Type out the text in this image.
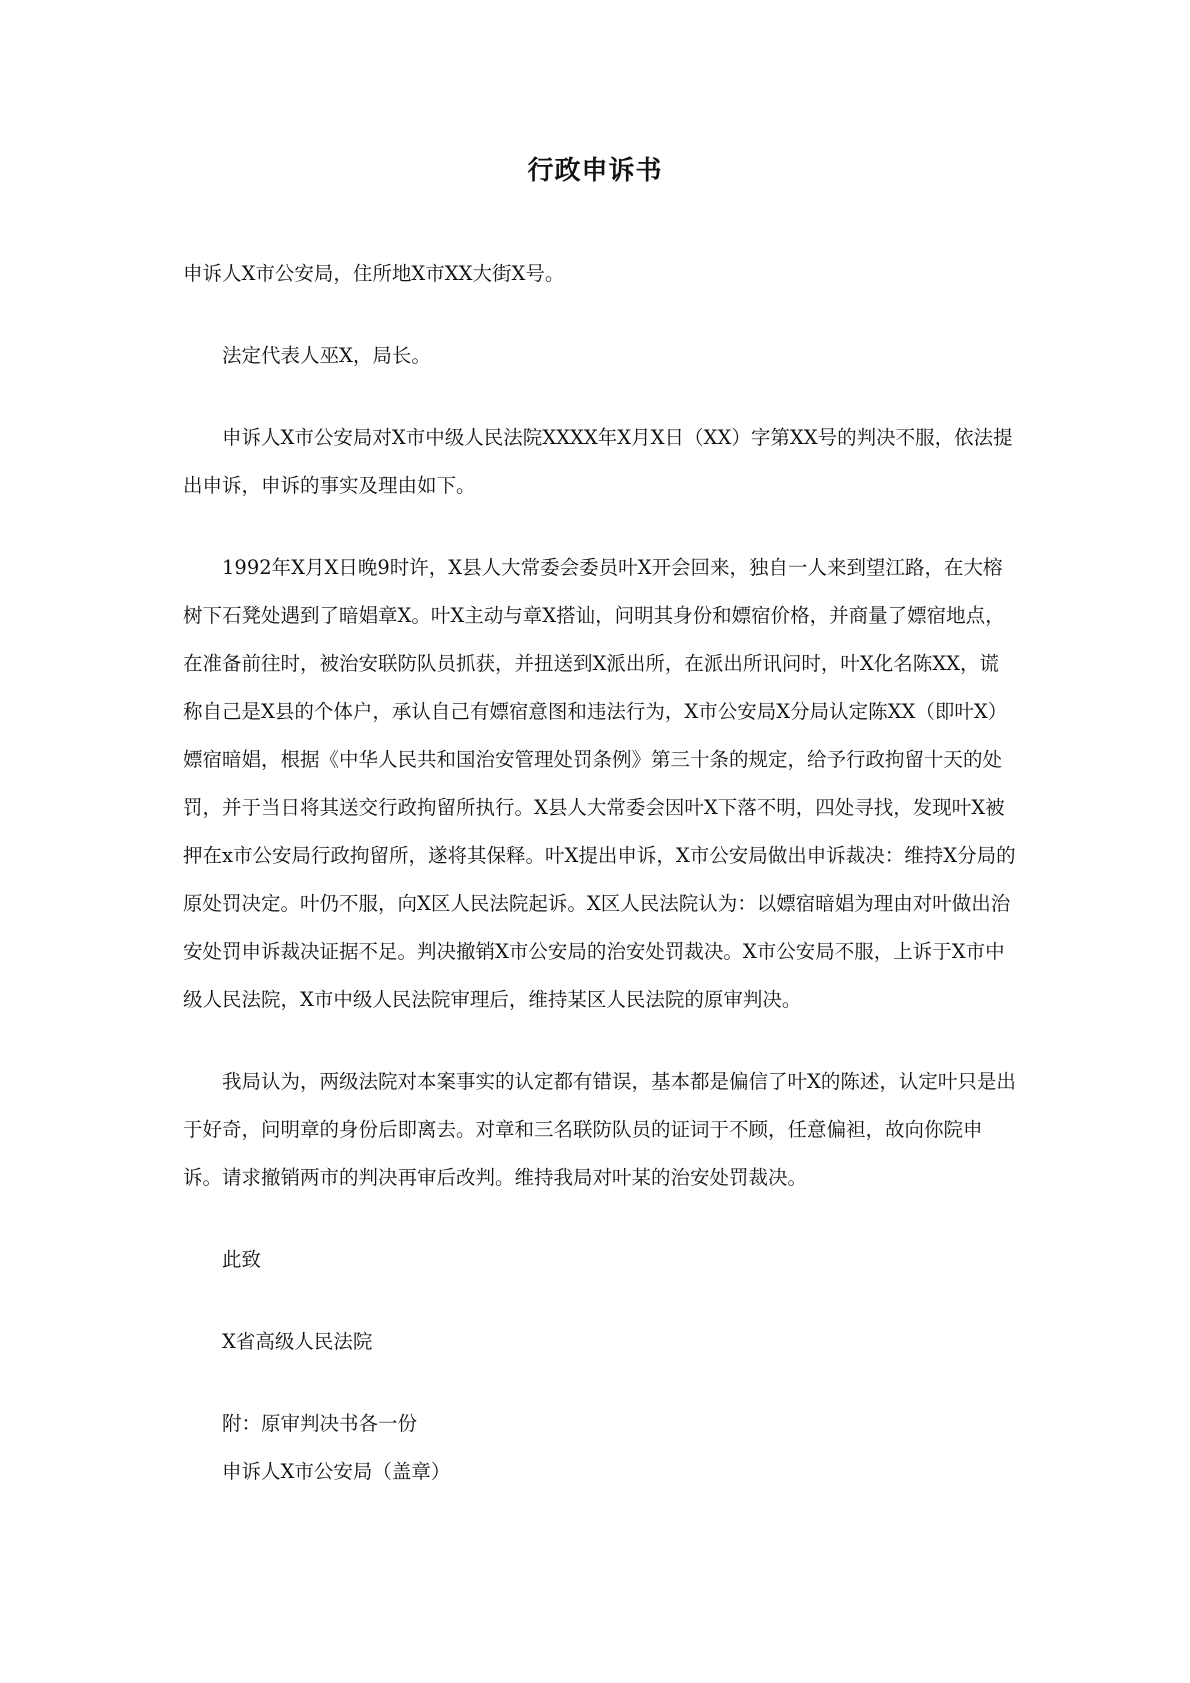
行政申诉书

申诉人X市公安局，住所地X市XX大街X号。

法定代表人巫X，局长。

申诉人X市公安局对X市中级人民法院XXXX年X月X日（XX）字第XX号的判决不服，依法提出申诉，申诉的事实及理由如下。

1992年X月X日晚9时许，X县人大常委会委员叶X开会回来，独自一人来到望江路，在大榕树下石凳处遇到了暗娼章X。叶X主动与章X搭讪，问明其身份和嫖宿价格，并商量了嫖宿地点，在准备前往时，被治安联防队员抓获，并扭送到X派出所，在派出所讯问时，叶X化名陈XX，谎称自己是X县的个体户，承认自己有嫖宿意图和违法行为，X市公安局X分局认定陈XX（即叶X）嫖宿暗娼，根据《中华人民共和国治安管理处罚条例》第三十条的规定，给予行政拘留十天的处罚，并于当日将其送交行政拘留所执行。X县人大常委会因叶X下落不明，四处寻找，发现叶X被押在x市公安局行政拘留所，遂将其保释。叶X提出申诉，X市公安局做出申诉裁决：维持X分局的原处罚决定。叶仍不服，向X区人民法院起诉。X区人民法院认为：以嫖宿暗娼为理由对叶做出治安处罚申诉裁决证据不足。判决撤销X市公安局的治安处罚裁决。X市公安局不服，上诉于X市中级人民法院，X市中级人民法院审理后，维持某区人民法院的原审判决。

我局认为，两级法院对本案事实的认定都有错误，基本都是偏信了叶X的陈述，认定叶只是出于好奇，问明章的身份后即离去。对章和三名联防队员的证词于不顾，任意偏袒，故向你院申诉。请求撤销两市的判决再审后改判。维持我局对叶某的治安处罚裁决。

此致

X省高级人民法院

附：原审判决书各一份

申诉人X市公安局（盖章）
